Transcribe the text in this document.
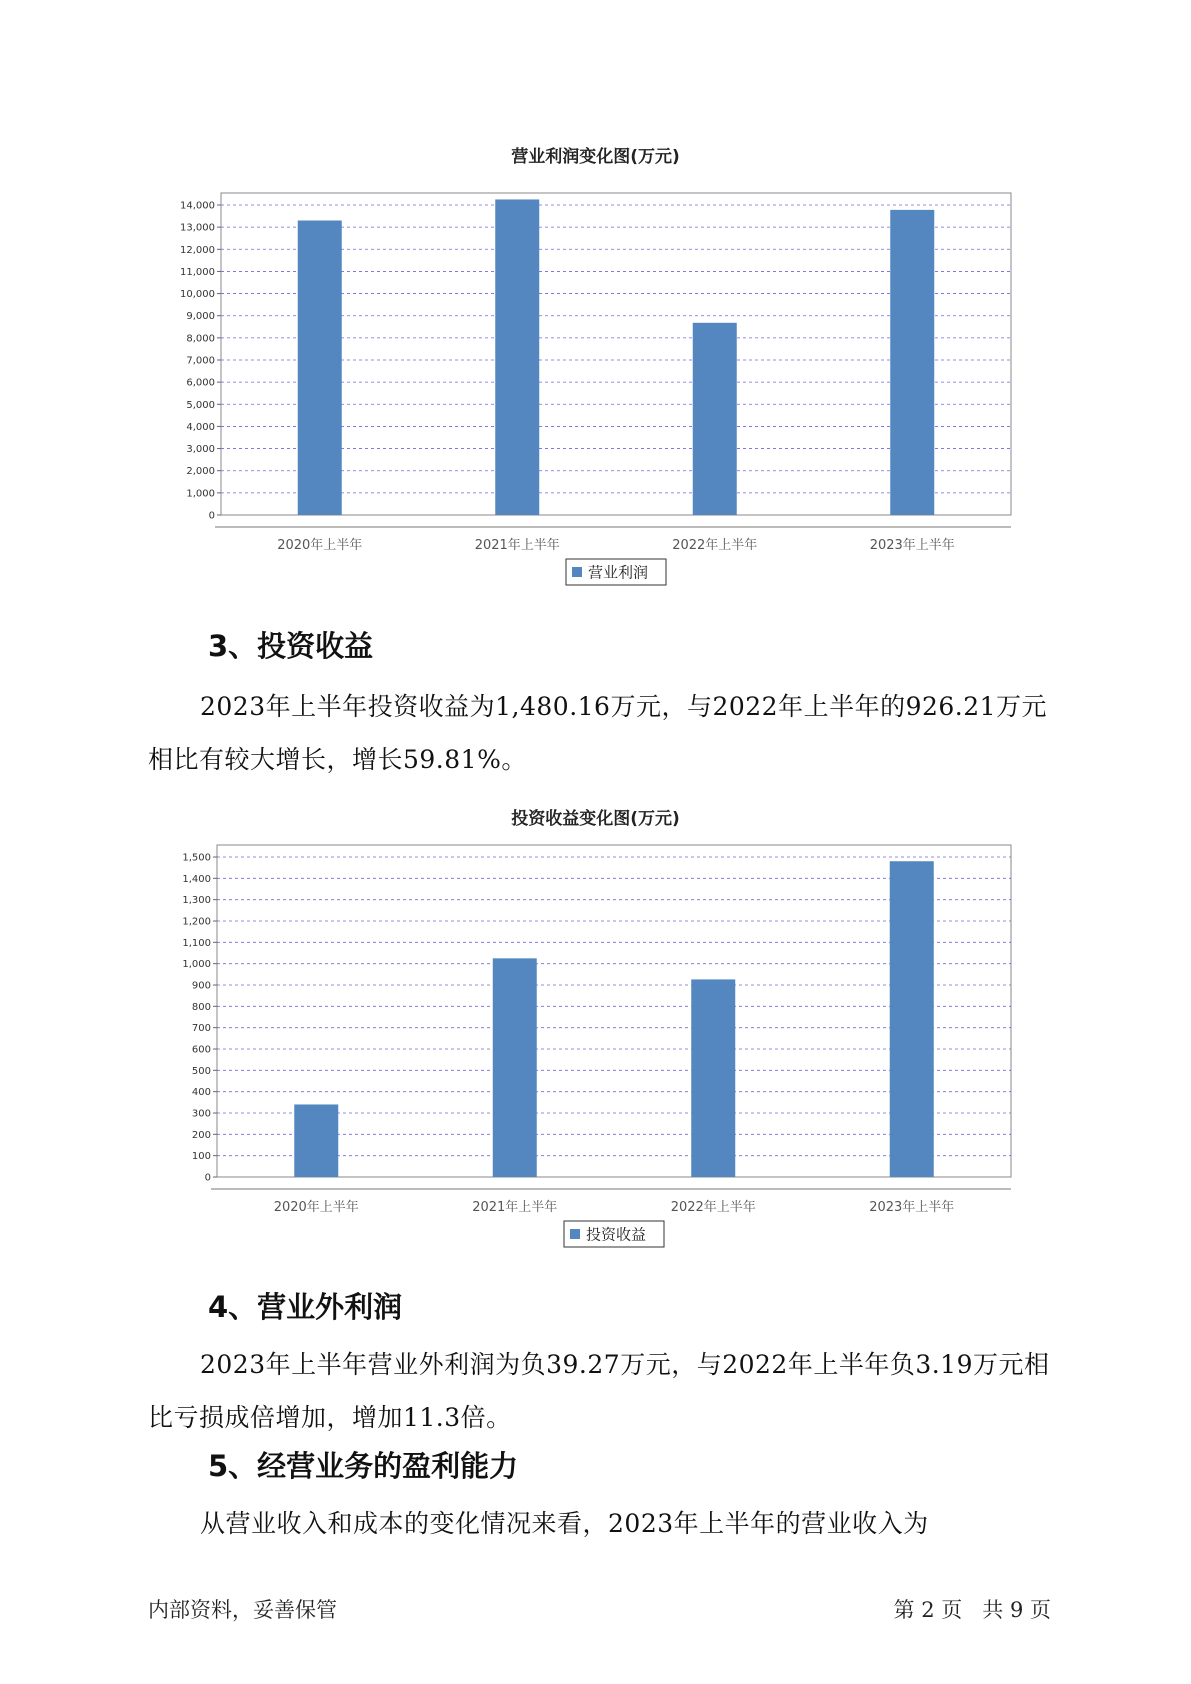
营业利润变化图(万元)
0
1,000
2,000
3,000
4,000
5,000
6,000
7,000
8,000
9,000
10,000
11,000
12,000
13,000
14,000
2020年上半年	2021年上半年	2022年上半年	2023年上半年
营业利润
3、投资收益

2023年上半年投资收益为1,480.16万元，与2022年上半年的926.21万元相比有较大增长，增长59.81%。

投资收益变化图(万元)
0
100
200
300
400
500
600
700
800
900
1,000
1,100
1,200
1,300
1,400
1,500
2020年上半年	2021年上半年	2022年上半年	2023年上半年
投资收益
4、营业外利润

2023年上半年营业外利润为负39.27万元，与2022年上半年负3.19万元相比亏损成倍增加，增加11.3倍。

5、经营业务的盈利能力

从营业收入和成本的变化情况来看，2023年上半年的营业收入为

内部资料，妥善保管	第 2 页   共 9 页
